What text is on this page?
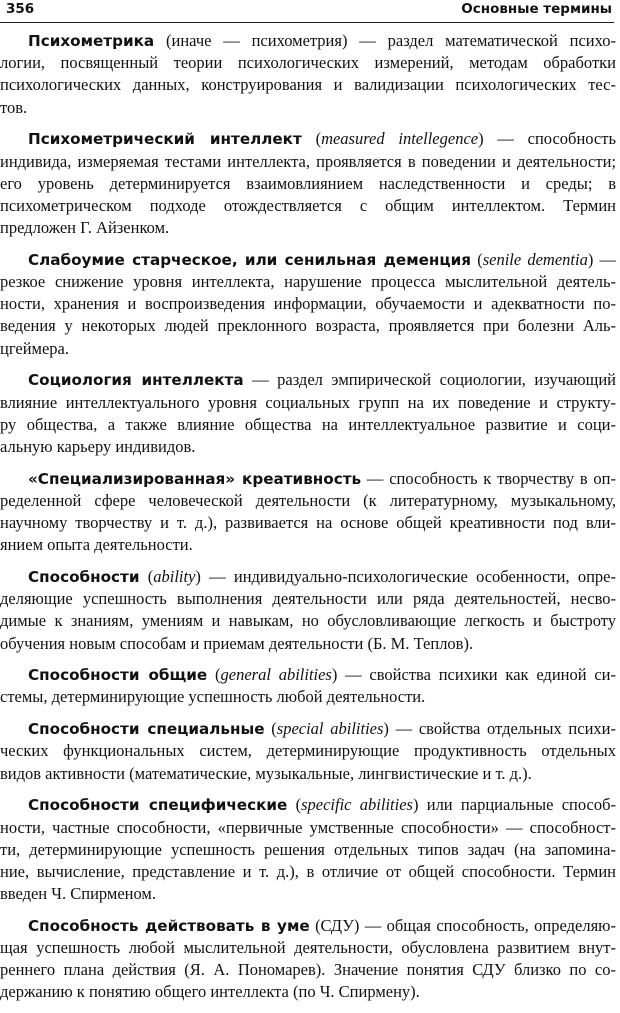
356	Основные термины
Психометрика (иначе — психометрия) — раздел математической психо-
логии, посвященный теории психологических измерений, методам обработки
психологических данных, конструирования и валидизации психологических тес-
тов.
Психометрический интеллект (measured intellegence) — способность
индивида, измеряемая тестами интеллекта, проявляется в поведении и деятельности;
его уровень детерминируется взаимовлиянием наследственности и среды; в
психометрическом подходе отождествляется с общим интеллектом. Термин
предложен Г. Айзенком.
Слабоумие старческое, или сенильная деменция (senile dementia) —
резкое снижение уровня интеллекта, нарушение процесса мыслительной деятель-
ности, хранения и воспроизведения информации, обучаемости и адекватности по-
ведения у некоторых людей преклонного возраста, проявляется при болезни Аль-
цгеймера.
Социология интеллекта — раздел эмпирической социологии, изучающий
влияние интеллектуального уровня социальных групп на их поведение и структу-
ру общества, а также влияние общества на интеллектуальное развитие и соци-
альную карьеру индивидов.
«Специализированная» креативность — способность к творчеству в оп-
ределенной сфере человеческой деятельности (к литературному, музыкальному,
научному творчеству и т. д.), развивается на основе общей креативности под вли-
янием опыта деятельности.
Способности (ability) — индивидуально-психологические особенности, опре-
деляющие успешность выполнения деятельности или ряда деятельностей, несво-
димые к знаниям, умениям и навыкам, но обусловливающие легкость и быстроту
обучения новым способам и приемам деятельности (Б. М. Теплов).
Способности общие (general abilities) — свойства психики как единой си-
стемы, детерминирующие успешность любой деятельности.
Способности специальные (special abilities) — свойства отдельных психи-
ческих функциональных систем, детерминирующие продуктивность отдельных
видов активности (математические, музыкальные, лингвистические и т. д.).
Способности специфические (specific abilities) или парциальные способ-
ности, частные способности, «первичные умственные способности» — способност-
ти, детерминирующие успешность решения отдельных типов задач (на запомина-
ние, вычисление, представление и т. д.), в отличие от общей способности. Термин
введен Ч. Спирменом.
Способность действовать в уме (СДУ) — общая способность, определяю-
щая успешность любой мыслительной деятельности, обусловлена развитием внут-
реннего плана действия (Я. А. Пономарев). Значение понятия СДУ близко по со-
держанию к понятию общего интеллекта (по Ч. Спирмену).
